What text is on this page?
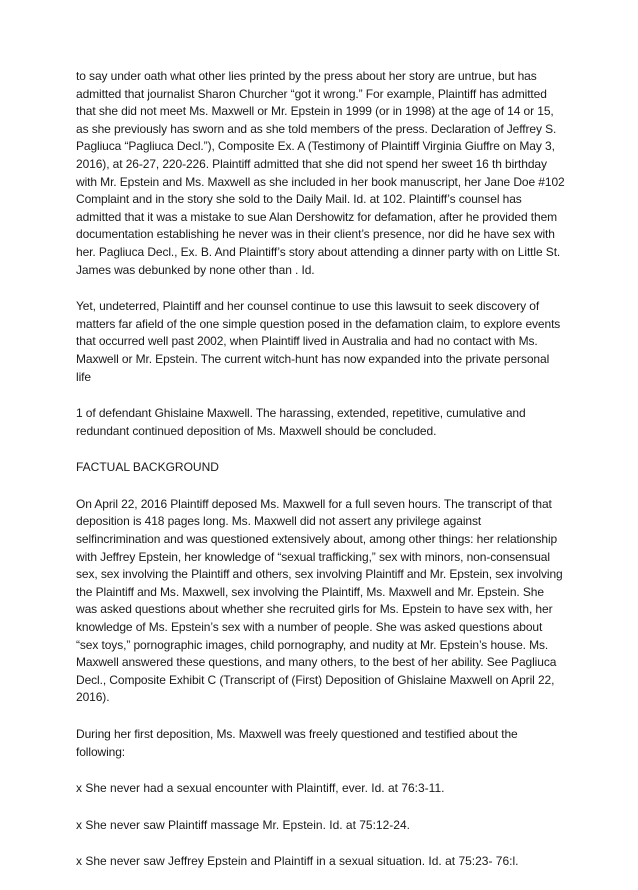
to say under oath what other lies printed by the press about her story are untrue, but has admitted that journalist Sharon Churcher “got it wrong.” For example, Plaintiff has admitted that she did not meet Ms. Maxwell or Mr. Epstein in 1999 (or in 1998) at the age of 14 or 15, as she previously has sworn and as she told members of the press. Declaration of Jeffrey S. Pagliuca “Pagliuca Decl.”), Composite Ex. A (Testimony of Plaintiff Virginia Giuffre on May 3, 2016), at 26-27, 220-226. Plaintiff admitted that she did not spend her sweet 16 th birthday with Mr. Epstein and Ms. Maxwell as she included in her book manuscript, her Jane Doe #102 Complaint and in the story she sold to the Daily Mail. Id. at 102. Plaintiff’s counsel has admitted that it was a mistake to sue Alan Dershowitz for defamation, after he provided them documentation establishing he never was in their client’s presence, nor did he have sex with her. Pagliuca Decl., Ex. B. And Plaintiff’s story about attending a dinner party with on Little St. James was debunked by none other than . Id.

Yet, undeterred, Plaintiff and her counsel continue to use this lawsuit to seek discovery of matters far afield of the one simple question posed in the defamation claim, to explore events that occurred well past 2002, when Plaintiff lived in Australia and had no contact with Ms. Maxwell or Mr. Epstein. The current witch-hunt has now expanded into the private personal life

1 of defendant Ghislaine Maxwell. The harassing, extended, repetitive, cumulative and redundant continued deposition of Ms. Maxwell should be concluded.

FACTUAL BACKGROUND

On April 22, 2016 Plaintiff deposed Ms. Maxwell for a full seven hours. The transcript of that deposition is 418 pages long. Ms. Maxwell did not assert any privilege against selfincrimination and was questioned extensively about, among other things: her relationship with Jeffrey Epstein, her knowledge of “sexual trafficking,” sex with minors, non-consensual sex, sex involving the Plaintiff and others, sex involving Plaintiff and Mr. Epstein, sex involving the Plaintiff and Ms. Maxwell, sex involving the Plaintiff, Ms. Maxwell and Mr. Epstein. She was asked questions about whether she recruited girls for Ms. Epstein to have sex with, her knowledge of Ms. Epstein’s sex with a number of people. She was asked questions about “sex toys,” pornographic images, child pornography, and nudity at Mr. Epstein’s house. Ms. Maxwell answered these questions, and many others, to the best of her ability. See Pagliuca Decl., Composite Exhibit C (Transcript of (First) Deposition of Ghislaine Maxwell on April 22, 2016).

During her first deposition, Ms. Maxwell was freely questioned and testified about the following:

x She never had a sexual encounter with Plaintiff, ever. Id. at 76:3-11.

x She never saw Plaintiff massage Mr. Epstein. Id. at 75:12-24.

x She never saw Jeffrey Epstein and Plaintiff in a sexual situation. Id. at 75:23- 76:l.
